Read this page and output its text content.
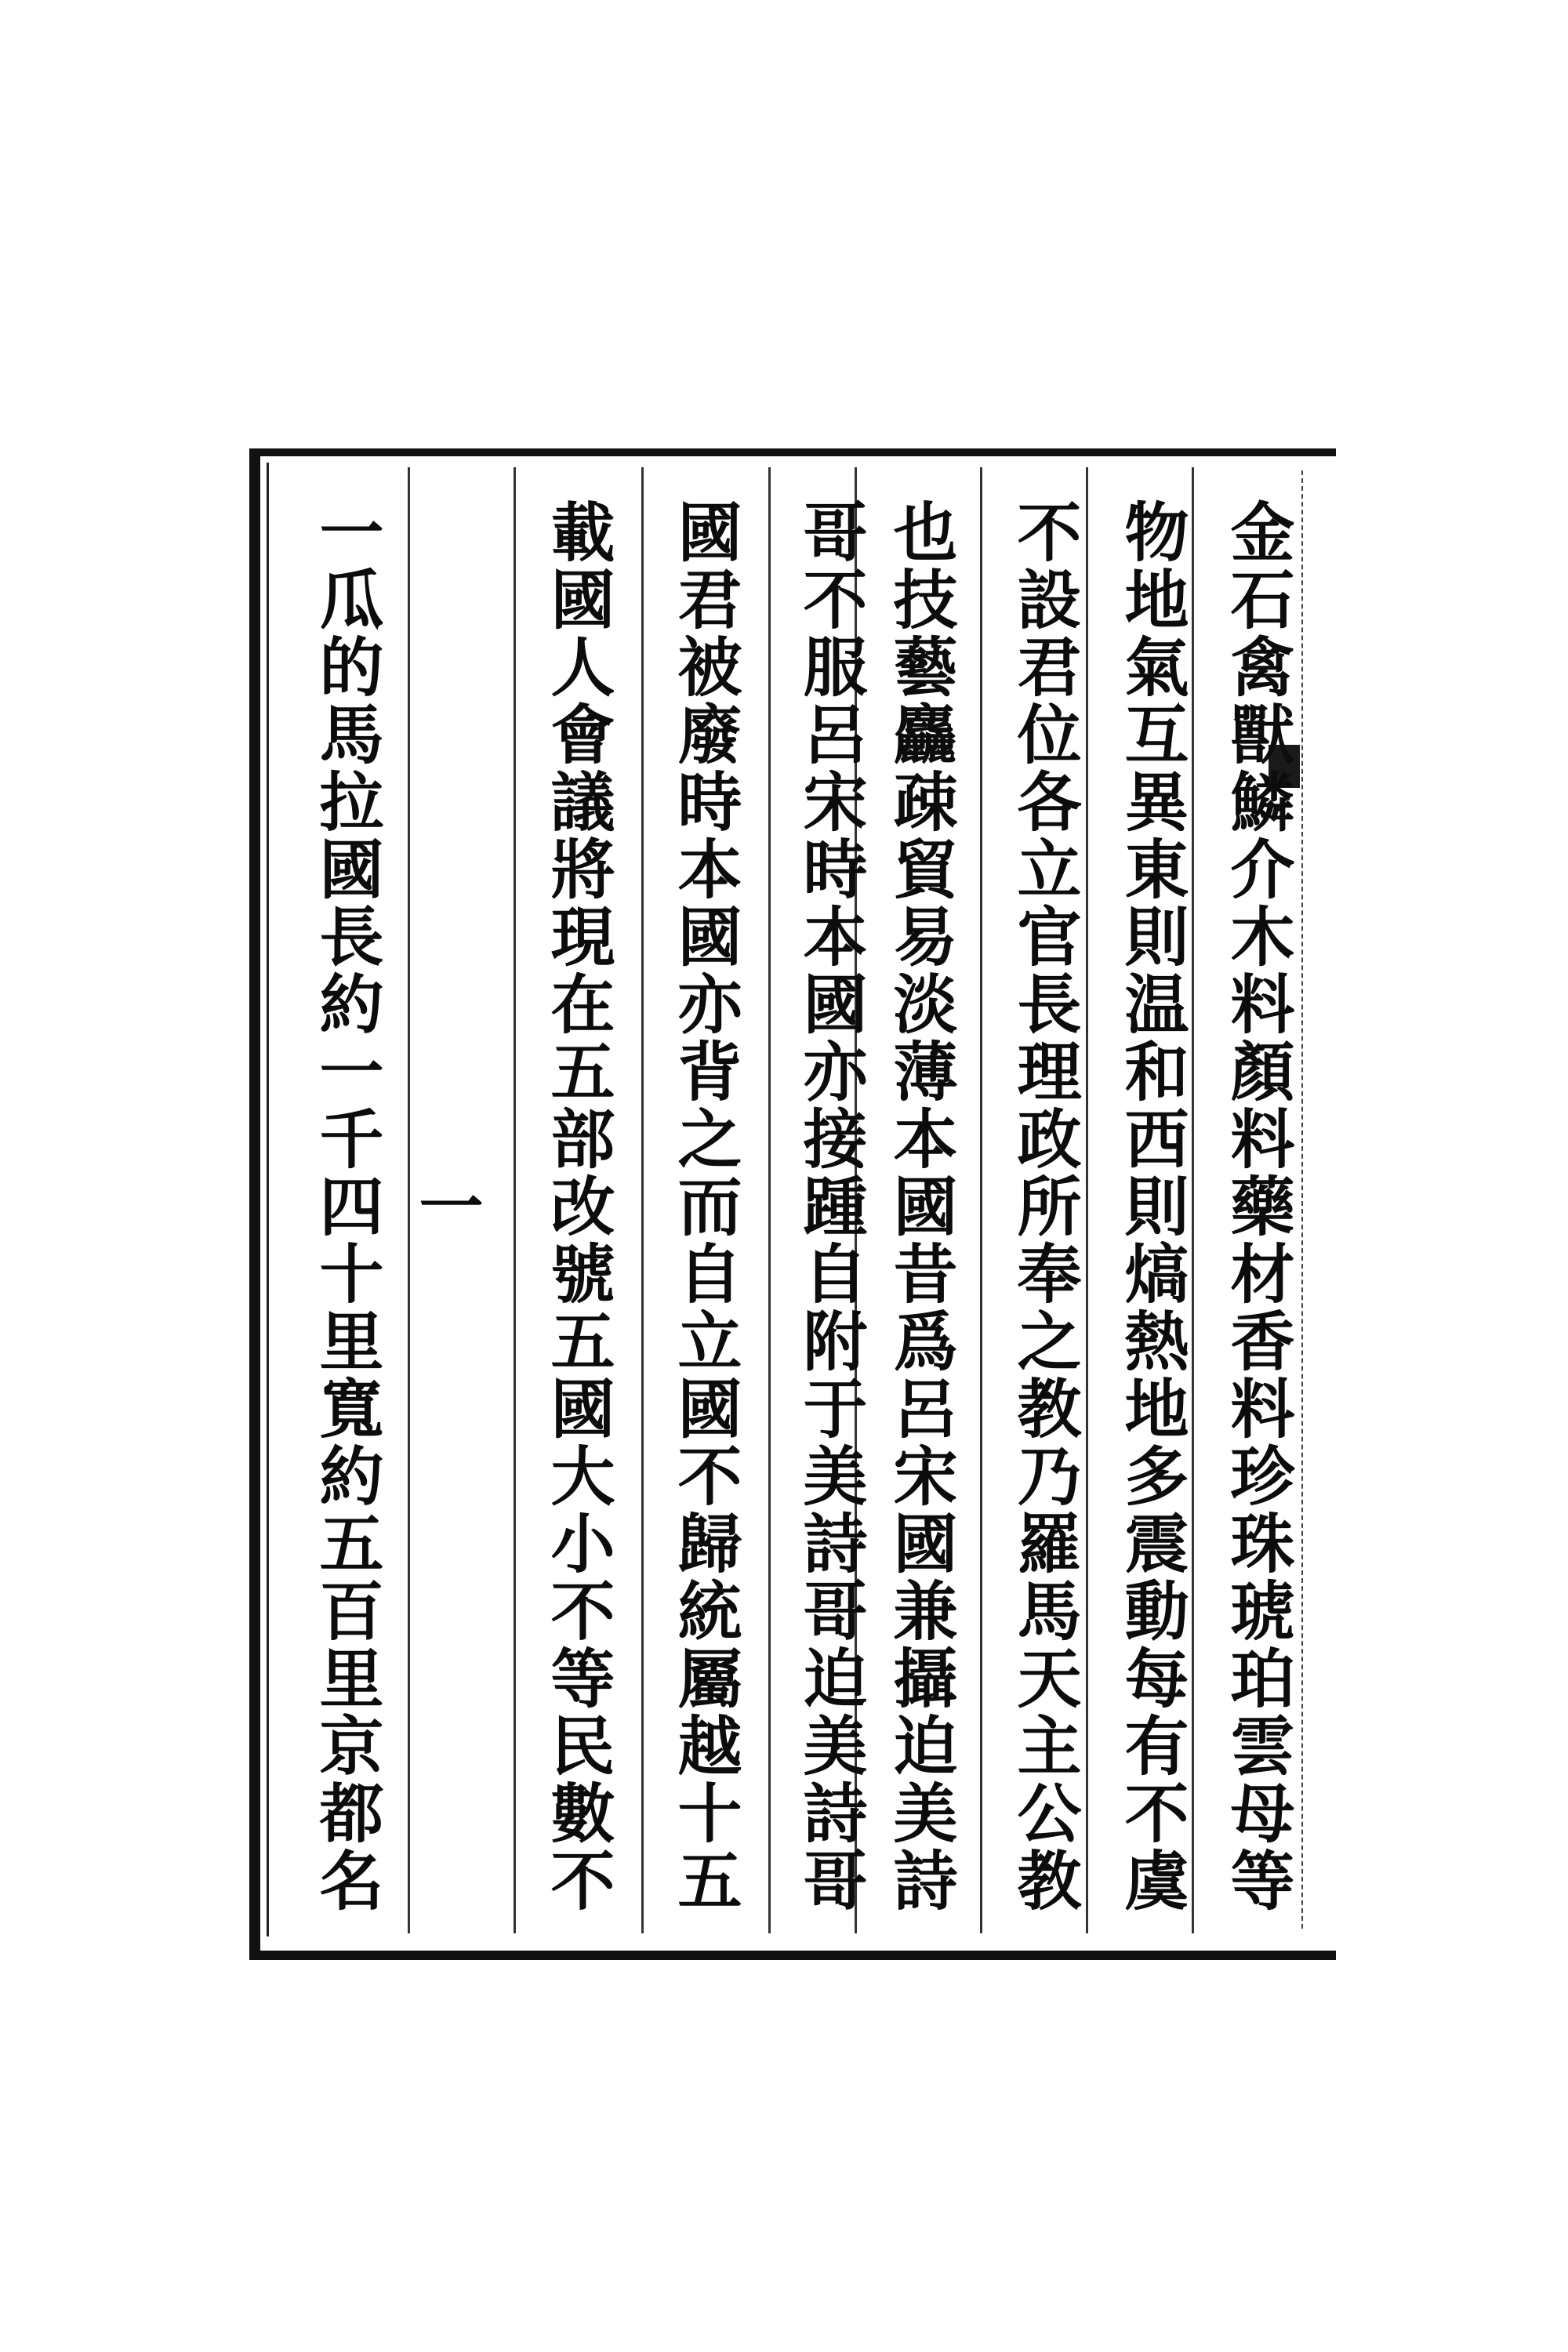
金石禽獸鱗介木料顏料藥材香料珍珠琥珀雲母等
物地氣互異東則温和西則熇熱地多震動每有不虞
不設君位各立官長理政所奉之教乃羅馬天主公教
也技藝麤疎貿易淡薄本國昔爲呂宋國兼攝迫美詩
哥不服呂宋時本國亦接踵自附于美詩哥迫美詩哥
國君被廢時本國亦背之而自立國不歸統屬越十五
載國人會議將現在五部改號五國大小不等民數不
一
一瓜的馬拉國長約一千四十里寬約五百里京都名
